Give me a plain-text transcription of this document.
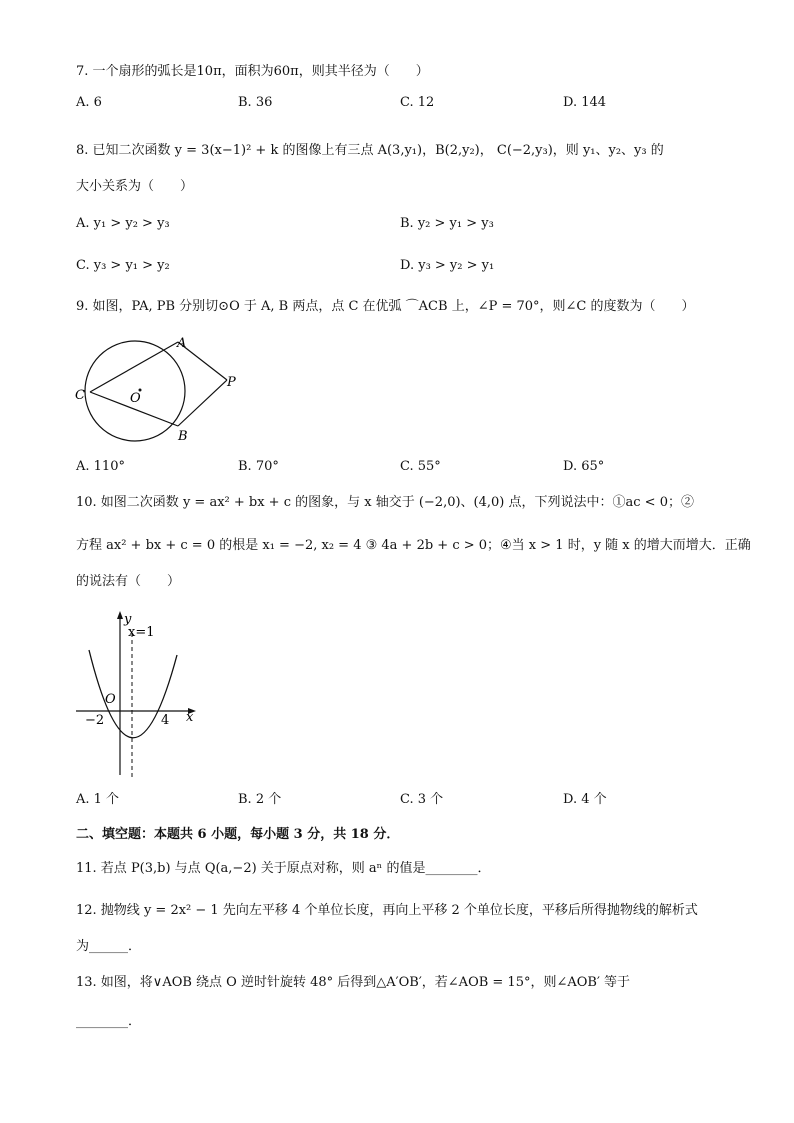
7. 一个扇形的弧长是10π，面积为60π，则其半径为（　　）
A. 6	B. 36	C. 12	D. 144
8. 已知二次函数 y = 3(x−1)² + k 的图像上有三点 A(3,y₁)，B(2,y₂)， C(−2,y₃)，则 y₁、y₂、y₃ 的
大小关系为（　　）
A. y₁ > y₂ > y₃	B. y₂ > y₁ > y₃
C. y₃ > y₁ > y₂	D. y₃ > y₂ > y₁
9. 如图，PA, PB 分别切⊙O 于 A, B 两点，点 C 在优弧 ⌒ACB 上，∠P = 70°，则∠C 的度数为（　　）
A
B
C	O
P
A. 110°	B. 70°	C. 55°	D. 65°
10. 如图二次函数 y = ax² + bx + c 的图象，与 x 轴交于 (−2,0)、(4,0) 点，下列说法中：①ac < 0；②
方程 ax² + bx + c = 0 的根是 x₁ = −2, x₂ = 4 ③ 4a + 2b + c > 0；④当 x > 1 时，y 随 x 的增大而增大．正确
的说法有（　　）
y
x=1
O
−2	4 x
A. 1 个	B. 2 个	C. 3 个	D. 4 个
二、填空题：本题共 6 小题，每小题 3 分，共 18 分．
11. 若点 P(3,b) 与点 Q(a,−2) 关于原点对称，则 aⁿ 的值是________．
12. 抛物线 y = 2x² − 1 先向左平移 4 个单位长度，再向上平移 2 个单位长度，平移后所得抛物线的解析式
为______．
13. 如图，将∨AOB 绕点 O 逆时针旋转 48° 后得到△A′OB′，若∠AOB = 15°，则∠AOB′ 等于
________．
